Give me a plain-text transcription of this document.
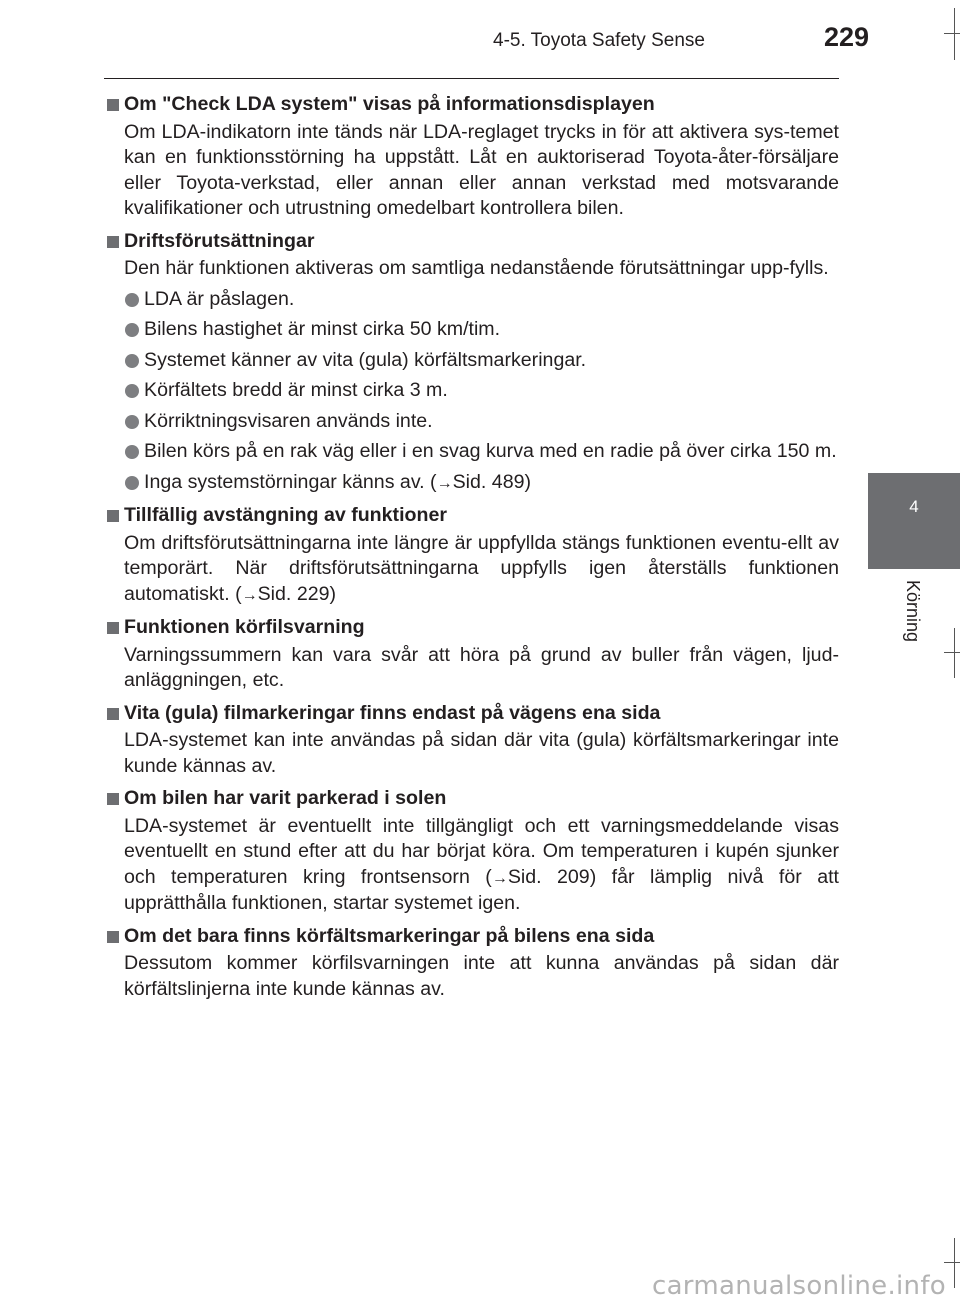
4-5. Toyota Safety Sense	229
4
Körning
Om "Check LDA system" visas på informationsdisplayen
Om LDA-indikatorn inte tänds när LDA-reglaget trycks in för att aktivera sys-temet kan en funktionsstörning ha uppstått. Låt en auktoriserad Toyota-åter-försäljare eller Toyota-verkstad, eller annan eller annan verkstad med motsvarande kvalifikationer och utrustning omedelbart kontrollera bilen.
Driftsförutsättningar
Den här funktionen aktiveras om samtliga nedanstående förutsättningar upp-fylls.
LDA är påslagen.
Bilens hastighet är minst cirka 50 km/tim.
Systemet känner av vita (gula) körfältsmarkeringar.
Körfältets bredd är minst cirka 3 m.
Körriktningsvisaren används inte.
Bilen körs på en rak väg eller i en svag kurva med en radie på över cirka 150 m.
Inga systemstörningar känns av. (→Sid. 489)
Tillfällig avstängning av funktioner
Om driftsförutsättningarna inte längre är uppfyllda stängs funktionen eventu-ellt av temporärt. När driftsförutsättningarna uppfylls igen återställs funktionen automatiskt. (→Sid. 229)
Funktionen körfilsvarning
Varningssummern kan vara svår att höra på grund av buller från vägen, ljud-anläggningen, etc.
Vita (gula) filmarkeringar finns endast på vägens ena sida
LDA-systemet kan inte användas på sidan där vita (gula) körfältsmarkeringar inte kunde kännas av.
Om bilen har varit parkerad i solen
LDA-systemet är eventuellt inte tillgängligt och ett varningsmeddelande visas eventuellt en stund efter att du har börjat köra. Om temperaturen i kupén sjunker och temperaturen kring frontsensorn (→Sid. 209) får lämplig nivå för att upprätthålla funktionen, startar systemet igen.
Om det bara finns körfältsmarkeringar på bilens ena sida
Dessutom kommer körfilsvarningen inte att kunna användas på sidan där körfältslinjerna inte kunde kännas av.
carmanualsonline.info
